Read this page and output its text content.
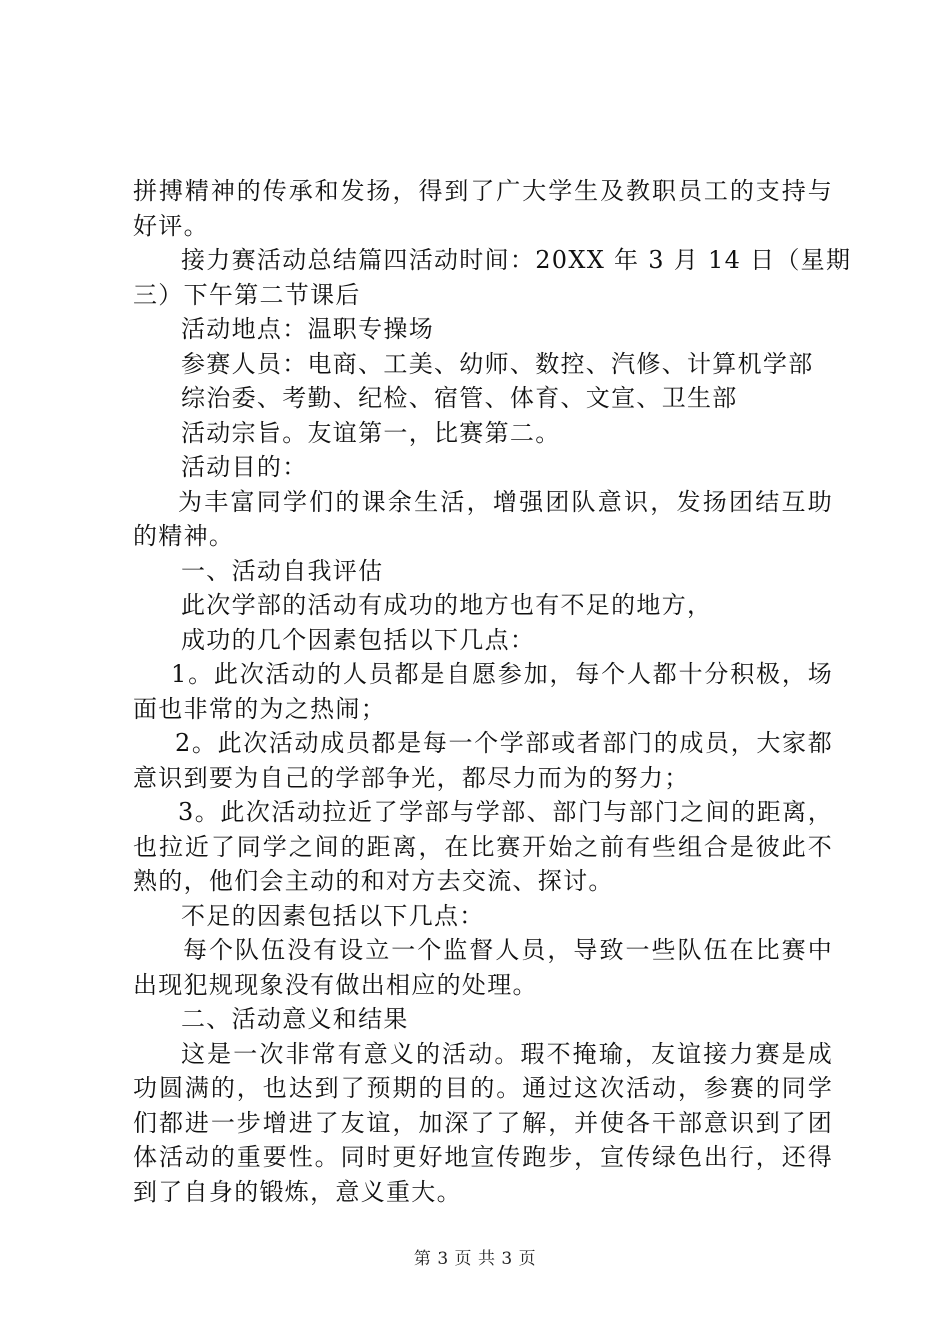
拼搏精神的传承和发扬，得到了广大学生及教职员工的支持与
好评。
接力赛活动总结篇四活动时间：20XX 年 3 月 14 日（星期
三）下午第二节课后
活动地点：温职专操场
参赛人员：电商、工美、幼师、数控、汽修、计算机学部
综治委、考勤、纪检、宿管、体育、文宣、卫生部
活动宗旨。友谊第一，比赛第二。
活动目的：
为丰富同学们的课余生活，增强团队意识，发扬团结互助
的精神。
一、活动自我评估
此次学部的活动有成功的地方也有不足的地方，
成功的几个因素包括以下几点：
1。此次活动的人员都是自愿参加，每个人都十分积极，场
面也非常的为之热闹；
2。此次活动成员都是每一个学部或者部门的成员，大家都
意识到要为自己的学部争光，都尽力而为的努力；
3。此次活动拉近了学部与学部、部门与部门之间的距离，
也拉近了同学之间的距离，在比赛开始之前有些组合是彼此不
熟的，他们会主动的和对方去交流、探讨。
不足的因素包括以下几点：
每个队伍没有设立一个监督人员，导致一些队伍在比赛中
出现犯规现象没有做出相应的处理。
二、活动意义和结果
这是一次非常有意义的活动。瑕不掩瑜，友谊接力赛是成
功圆满的，也达到了预期的目的。通过这次活动，参赛的同学
们都进一步增进了友谊，加深了了解，并使各干部意识到了团
体活动的重要性。同时更好地宣传跑步，宣传绿色出行，还得
到了自身的锻炼，意义重大。
第 3 页 共 3 页
